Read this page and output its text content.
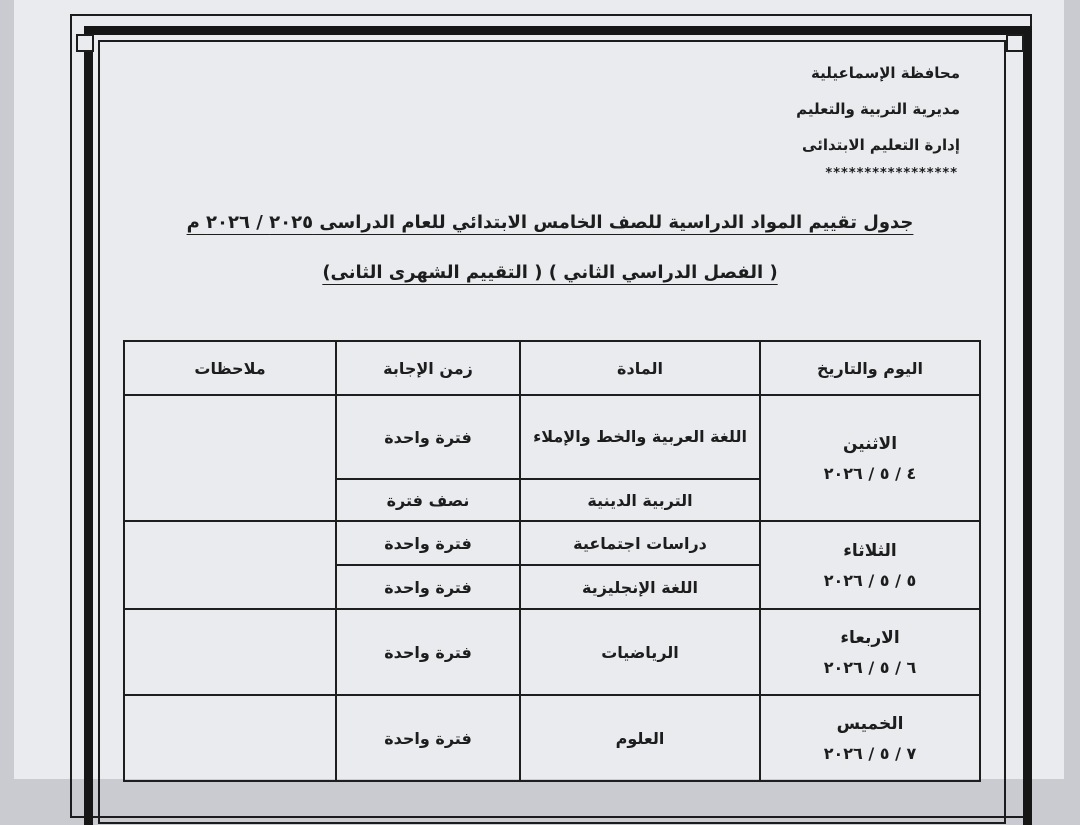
محافظة الإسماعيلية
مديرية التربية والتعليم
إدارة التعليم الابتدائى
*****************
جدول تقييم المواد الدراسية للصف الخامس الابتدائي للعام الدراسى ٢٠٢٥ / ٢٠٢٦ م
( الفصل الدراسي الثاني ) ( التقييم الشهرى الثانى)
اليوم والتاريخ	المادة	زمن الإجابة	ملاحظات

الاثنين
٤ / ٥ / ٢٠٢٦	اللغة العربية والخط والإملاء	فترة واحدة	
	التربية الدينية	نصف فترة	

الثلاثاء
٥ / ٥ / ٢٠٢٦	دراسات اجتماعية	فترة واحدة	
	اللغة الإنجليزية	فترة واحدة	

الاربعاء
٦ / ٥ / ٢٠٢٦	الرياضيات	فترة واحدة	

الخميس
٧ / ٥ / ٢٠٢٦	العلوم	فترة واحدة	
